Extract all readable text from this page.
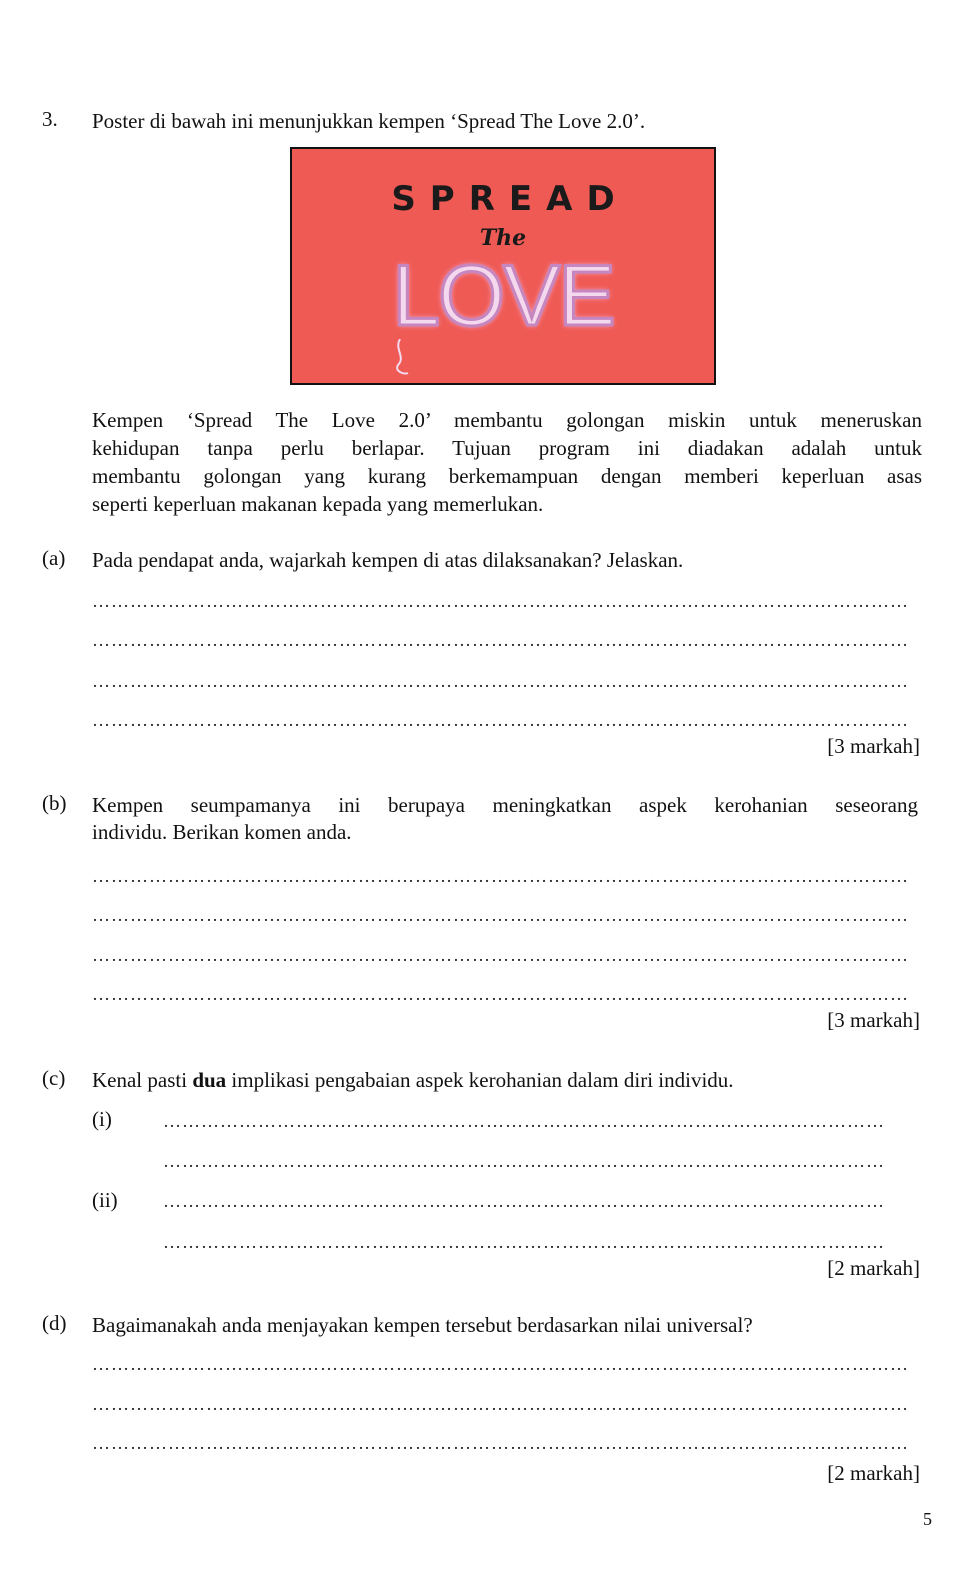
3. Poster di bawah ini menunjukkan kempen ‘Spread The Love 2.0’.
SPREAD
The
LOVE
Kempen ‘Spread The Love 2.0’ membantu golongan miskin untuk meneruskan
kehidupan tanpa perlu berlapar. Tujuan program ini diadakan adalah untuk
membantu golongan yang kurang berkemampuan dengan memberi keperluan asas
seperti keperluan makanan kepada yang memerlukan.
(a) Pada pendapat anda, wajarkah kempen di atas dilaksanakan? Jelaskan.
…………………………………………………………………………………………………………………
…………………………………………………………………………………………………………………
…………………………………………………………………………………………………………………
…………………………………………………………………………………………………………………
[3 markah]
(b) Kempen seumpamanya ini berupaya meningkatkan aspek kerohanian seseorang
individu. Berikan komen anda.
…………………………………………………………………………………………………………………
…………………………………………………………………………………………………………………
…………………………………………………………………………………………………………………
…………………………………………………………………………………………………………………
[3 markah]
(c) Kenal pasti dua implikasi pengabaian aspek kerohanian dalam diri individu.
(i)	……………………………………………………………………………………………………
……………………………………………………………………………………………………
(ii)	……………………………………………………………………………………………………
……………………………………………………………………………………………………
[2 markah]
(d) Bagaimanakah anda menjayakan kempen tersebut berdasarkan nilai universal?
…………………………………………………………………………………………………………………
…………………………………………………………………………………………………………………
…………………………………………………………………………………………………………………
[2 markah]
5
